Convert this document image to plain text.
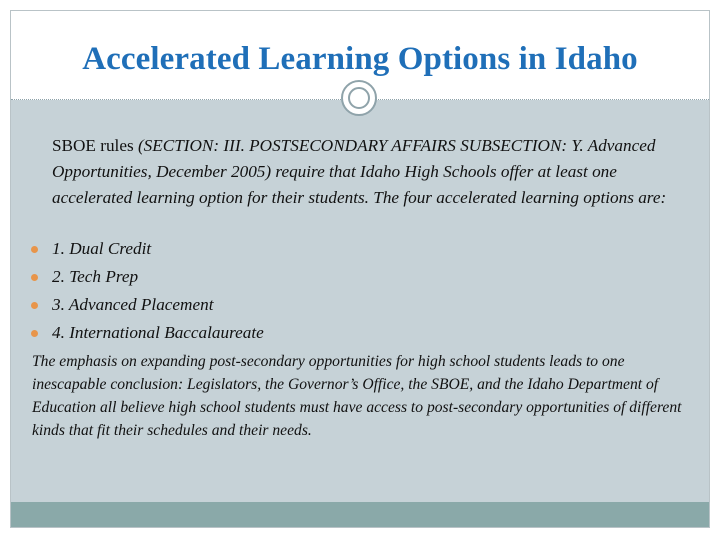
Accelerated Learning Options in Idaho
SBOE rules (SECTION: III. POSTSECONDARY AFFAIRS SUBSECTION: Y. Advanced Opportunities, December 2005) require that Idaho High Schools offer at least one accelerated learning option for their students. The four accelerated learning options are:
1. Dual Credit
2. Tech Prep
3. Advanced Placement
4. International Baccalaureate
The emphasis on expanding post-secondary opportunities for high school students leads to one inescapable conclusion: Legislators, the Governor’s Office, the SBOE, and the Idaho Department of Education all believe high school students must have access to post-secondary opportunities of different kinds that fit their schedules and their needs.
